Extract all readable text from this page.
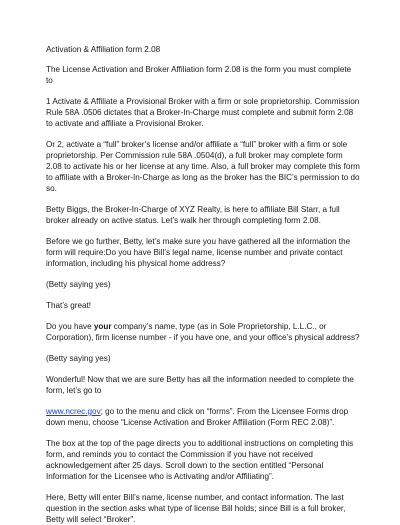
Activation & Affiliation form 2.08

The License Activation and Broker Affiliation form 2.08 is the form you must complete to

1 Activate & Affiliate a Provisional Broker with a firm or sole proprietorship. Commission Rule 58A .0506 dictates that a Broker-In-Charge must complete and submit form 2.08 to activate and affiliate a Provisional Broker.

Or 2, activate a “full” broker’s license and/or affiliate a “full” broker with a firm or sole proprietorship. Per Commission rule 58A .0504(d), a full broker may complete form 2.08 to activate his or her license at any time. Also, a full broker may complete this form to affiliate with a Broker-In-Charge as long as the broker has the BIC’s permission to do so.

Betty Biggs, the Broker-In-Charge of XYZ Realty, is here to affiliate Bill Starr, a full broker already on active status. Let’s walk her through completing form 2.08.

Before we go further, Betty, let’s make sure you have gathered all the information the form will require:Do you have Bill’s legal name, license number and private contact information, including his physical home address?

(Betty saying yes)

That’s great!

Do you have your company’s name, type (as in Sole Proprietorship, L.L.C., or Corporation), firm license number - if you have one, and your office’s physical address?

(Betty saying yes)

Wonderful! Now that we are sure Betty has all the information needed to complete the form, let’s go to

www.ncrec.gov; go to the menu and click on “forms”. From the Licensee Forms drop down menu, choose “License Activation and Broker Affiliation (Form REC 2.08)”.

The box at the top of the page directs you to additional instructions on completing this form, and reminds you to contact the Commission if you have not received acknowledgement after 25 days. Scroll down to the section entitled “Personal Information for the Licensee who is Activating and/or Affiliating”.

Here, Betty will enter Bill’s name, license number, and contact information. The last question in the section asks what type of license Bill holds; since Bill is a full broker, Betty will select “Broker”.
